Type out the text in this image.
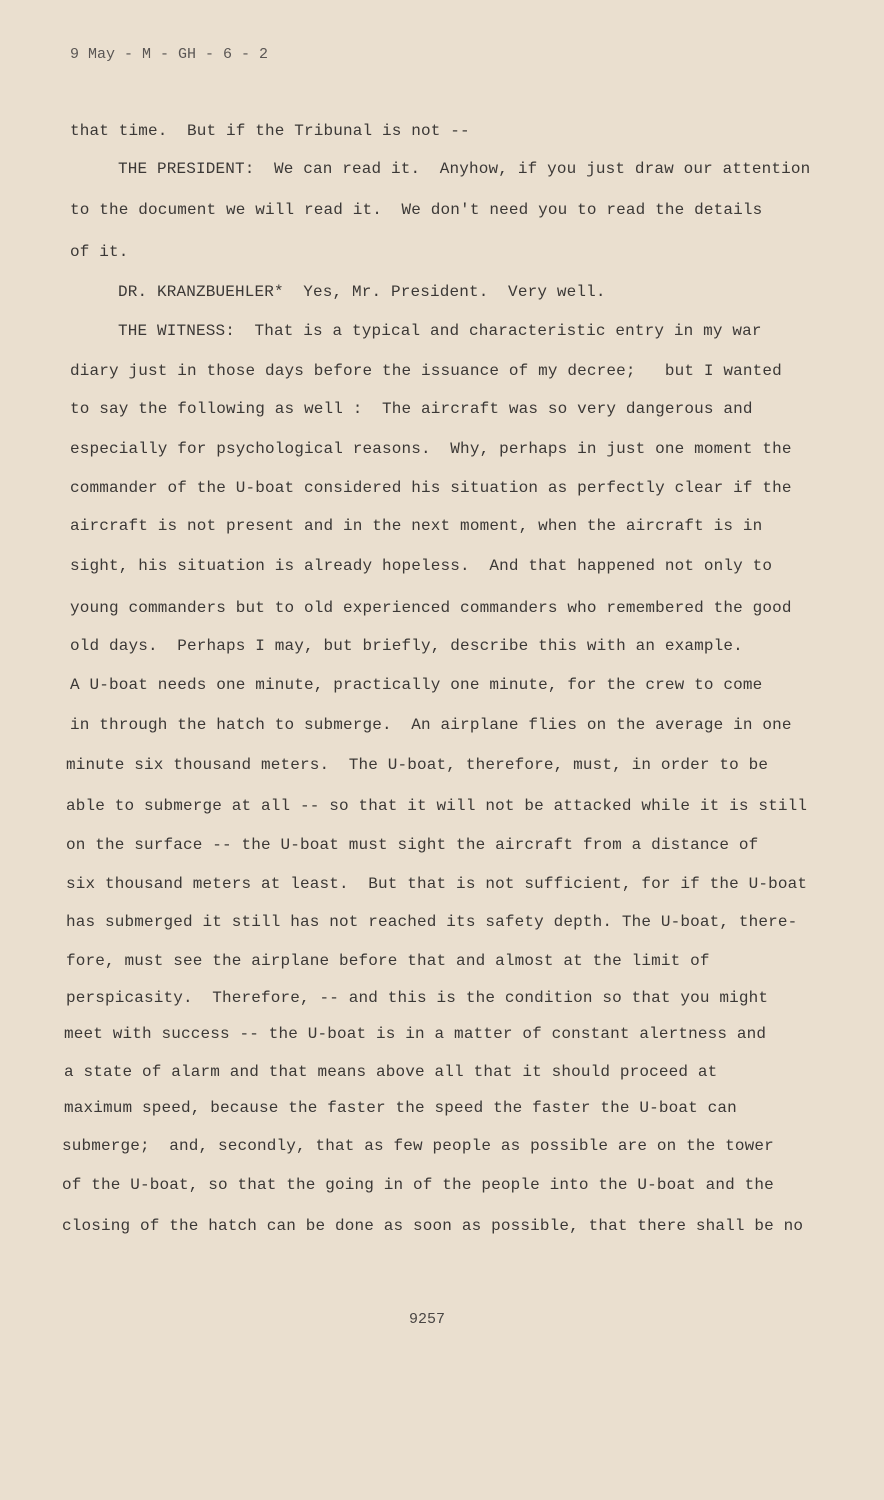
9 May - M - GH - 6 - 2
that time.  But if the Tribunal is not --
THE PRESIDENT:  We can read it.  Anyhow, if you just draw our attention
to the document we will read it.  We don't need you to read the details
of it.
DR. KRANZBUEHLER*  Yes, Mr. President.  Very well.
THE WITNESS:  That is a typical and characteristic entry in my war
diary just in those days before the issuance of my decree;   but I wanted
to say the following as well :  The aircraft was so very dangerous and
especially for psychological reasons.  Why, perhaps in just one moment the
commander of the U-boat considered his situation as perfectly clear if the
aircraft is not present and in the next moment, when the aircraft is in
sight, his situation is already hopeless.  And that happened not only to
young commanders but to old experienced commanders who remembered the good
old days.  Perhaps I may, but briefly, describe this with an example.
A U-boat needs one minute, practically one minute, for the crew to come
in through the hatch to submerge.  An airplane flies on the average in one
minute six thousand meters.  The U-boat, therefore, must, in order to be
able to submerge at all -- so that it will not be attacked while it is still
on the surface -- the U-boat must sight the aircraft from a distance of
six thousand meters at least.  But that is not sufficient, for if the U-boat
has submerged it still has not reached its safety depth. The U-boat, there-
fore, must see the airplane before that and almost at the limit of
perspicasity.  Therefore, -- and this is the condition so that you might
meet with success -- the U-boat is in a matter of constant alertness and
a state of alarm and that means above all that it should proceed at
maximum speed, because the faster the speed the faster the U-boat can
submerge;  and, secondly, that as few people as possible are on the tower
of the U-boat, so that the going in of the people into the U-boat and the
closing of the hatch can be done as soon as possible, that there shall be no
9257
